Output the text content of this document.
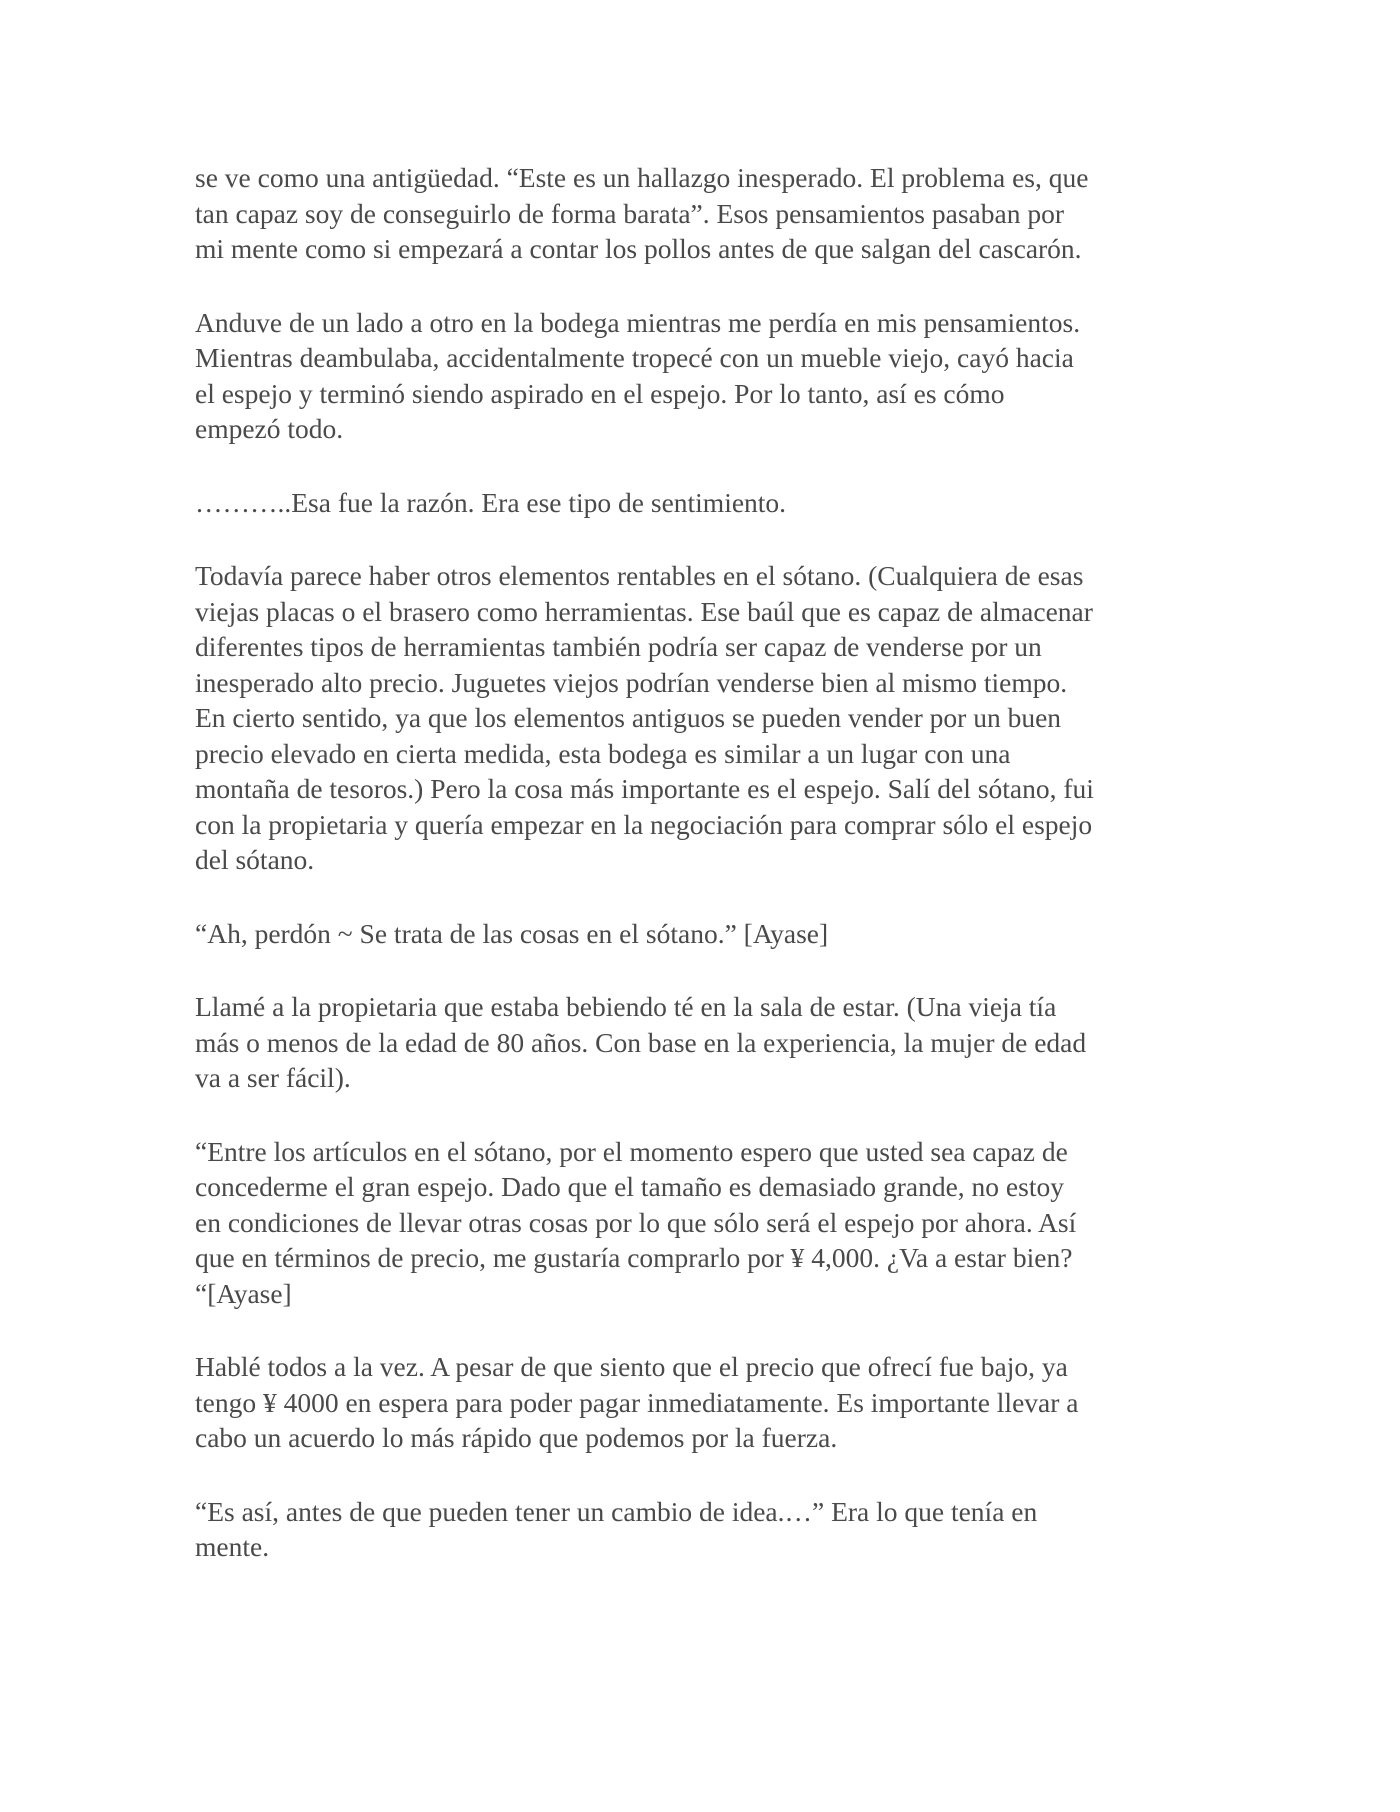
se ve como una antigüedad. “Este es un hallazgo inesperado. El problema es, que
tan capaz soy de conseguirlo de forma barata”. Esos pensamientos pasaban por
mi mente como si empezará a contar los pollos antes de que salgan del cascarón.

Anduve de un lado a otro en la bodega mientras me perdía en mis pensamientos.
Mientras deambulaba, accidentalmente tropecé con un mueble viejo, cayó hacia
el espejo y terminó siendo aspirado en el espejo. Por lo tanto, así es cómo
empezó todo.

………..Esa fue la razón. Era ese tipo de sentimiento.

Todavía parece haber otros elementos rentables en el sótano. (Cualquiera de esas
viejas placas o el brasero como herramientas. Ese baúl que es capaz de almacenar
diferentes tipos de herramientas también podría ser capaz de venderse por un
inesperado alto precio. Juguetes viejos podrían venderse bien al mismo tiempo.
En cierto sentido, ya que los elementos antiguos se pueden vender por un buen
precio elevado en cierta medida, esta bodega es similar a un lugar con una
montaña de tesoros.) Pero la cosa más importante es el espejo. Salí del sótano, fui
con la propietaria y quería empezar en la negociación para comprar sólo el espejo
del sótano.

“Ah, perdón ~ Se trata de las cosas en el sótano.” [Ayase]

Llamé a la propietaria que estaba bebiendo té en la sala de estar. (Una vieja tía
más o menos de la edad de 80 años. Con base en la experiencia, la mujer de edad
va a ser fácil).

“Entre los artículos en el sótano, por el momento espero que usted sea capaz de
concederme el gran espejo. Dado que el tamaño es demasiado grande, no estoy
en condiciones de llevar otras cosas por lo que sólo será el espejo por ahora. Así
que en términos de precio, me gustaría comprarlo por ¥ 4,000. ¿Va a estar bien?
“[Ayase]

Hablé todos a la vez. A pesar de que siento que el precio que ofrecí fue bajo, ya
tengo ¥ 4000 en espera para poder pagar inmediatamente. Es importante llevar a
cabo un acuerdo lo más rápido que podemos por la fuerza.

“Es así, antes de que pueden tener un cambio de idea.…” Era lo que tenía en
mente.
